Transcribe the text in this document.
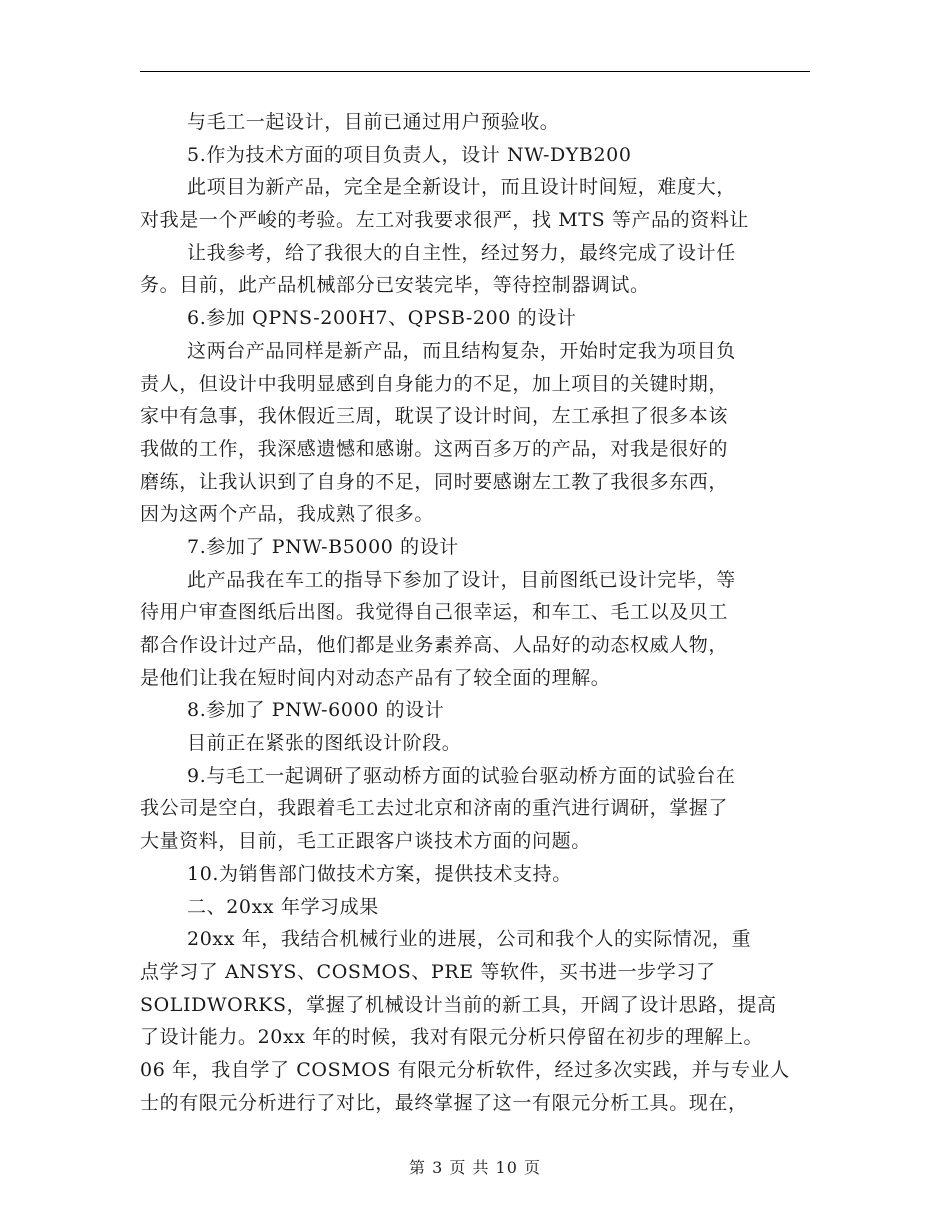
与毛工一起设计，目前已通过用户预验收。
5.作为技术方面的项目负责人，设计 NW-DYB200
此项目为新产品，完全是全新设计，而且设计时间短，难度大，
对我是一个严峻的考验。左工对我要求很严，找 MTS 等产品的资料让
让我参考，给了我很大的自主性，经过努力，最终完成了设计任
务。目前，此产品机械部分已安装完毕，等待控制器调试。
6.参加 QPNS-200H7、QPSB-200 的设计
这两台产品同样是新产品，而且结构复杂，开始时定我为项目负
责人，但设计中我明显感到自身能力的不足，加上项目的关键时期，
家中有急事，我休假近三周，耽误了设计时间，左工承担了很多本该
我做的工作，我深感遗憾和感谢。这两百多万的产品，对我是很好的
磨练，让我认识到了自身的不足，同时要感谢左工教了我很多东西，
因为这两个产品，我成熟了很多。
7.参加了 PNW-B5000 的设计
此产品我在车工的指导下参加了设计，目前图纸已设计完毕，等
待用户审查图纸后出图。我觉得自己很幸运，和车工、毛工以及贝工
都合作设计过产品，他们都是业务素养高、人品好的动态权威人物，
是他们让我在短时间内对动态产品有了较全面的理解。
8.参加了 PNW-6000 的设计
目前正在紧张的图纸设计阶段。
9.与毛工一起调研了驱动桥方面的试验台驱动桥方面的试验台在
我公司是空白，我跟着毛工去过北京和济南的重汽进行调研，掌握了
大量资料，目前，毛工正跟客户谈技术方面的问题。
10.为销售部门做技术方案，提供技术支持。
二、20xx 年学习成果
20xx 年，我结合机械行业的进展，公司和我个人的实际情况，重
点学习了 ANSYS、COSMOS、PRE 等软件，买书进一步学习了
SOLIDWORKS，掌握了机械设计当前的新工具，开阔了设计思路，提高
了设计能力。20xx 年的时候，我对有限元分析只停留在初步的理解上。
06 年，我自学了 COSMOS 有限元分析软件，经过多次实践，并与专业人
士的有限元分析进行了对比，最终掌握了这一有限元分析工具。现在，
第 3 页 共 10 页
